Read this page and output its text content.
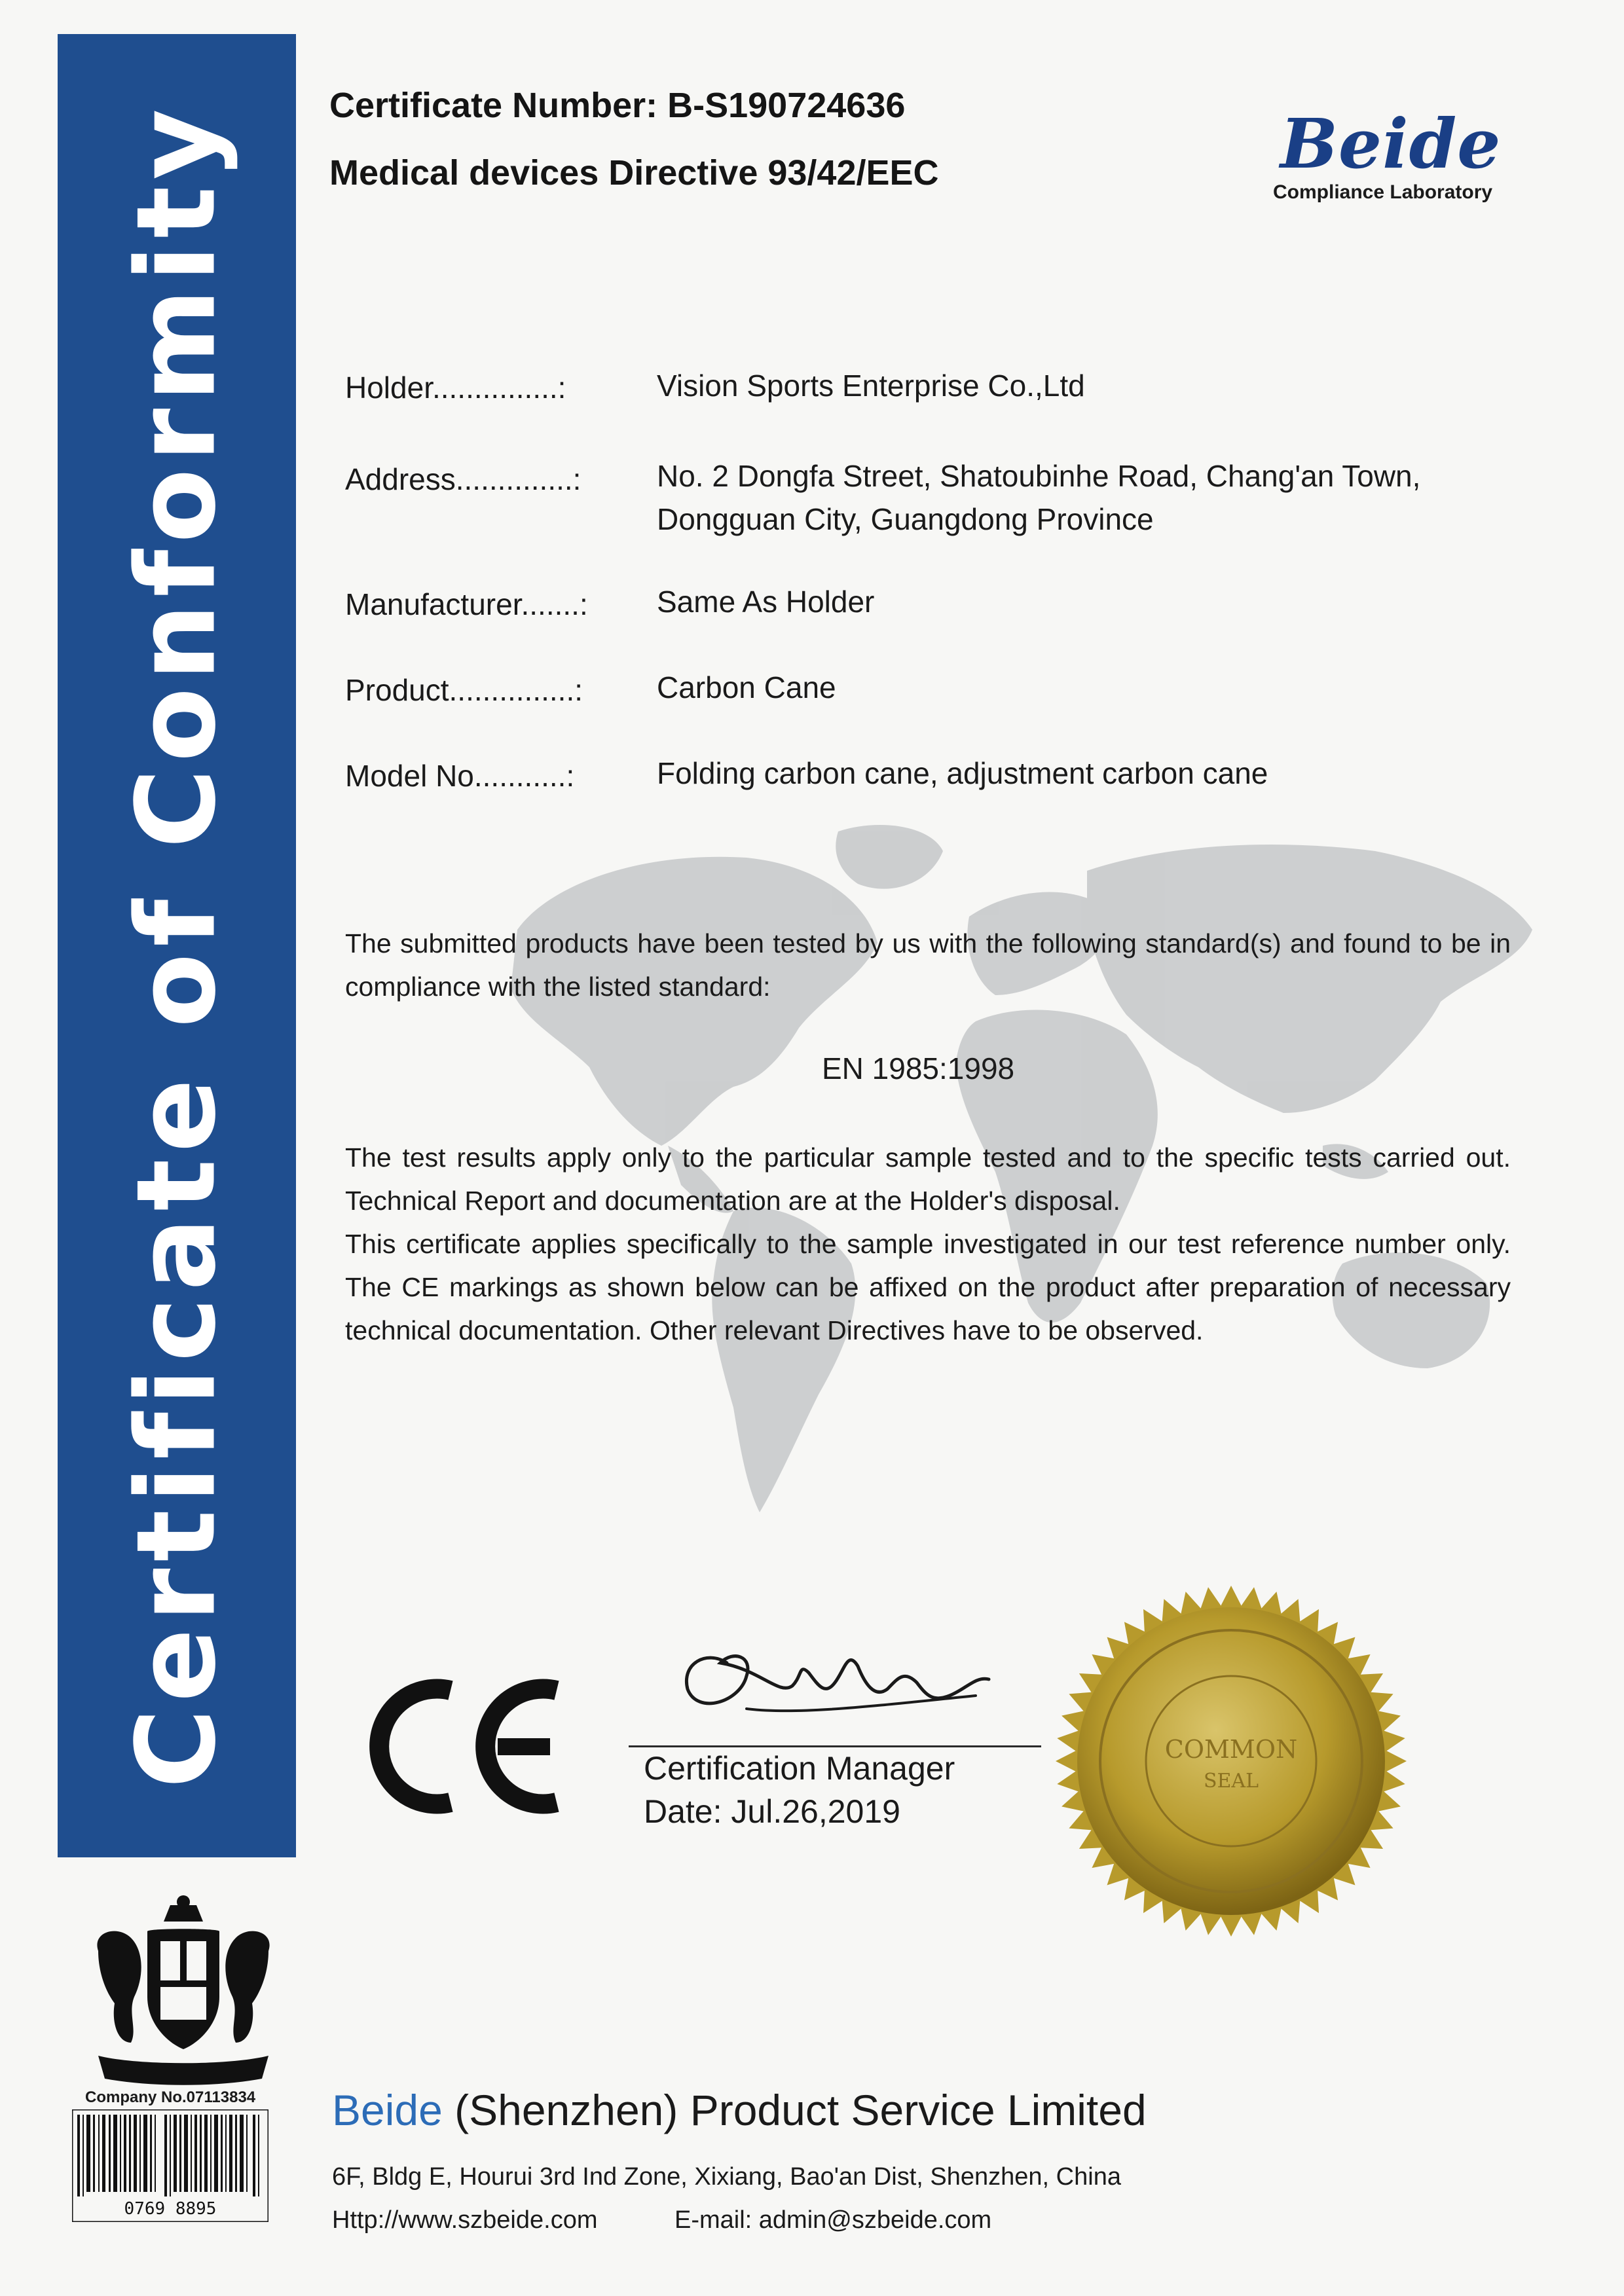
Certificate of Conformity	Certificate Number: B-S190724636
Medical devices Directive 93/42/EEC	Beide
Compliance Laboratory
Holder...............:	Vision Sports Enterprise Co.,Ltd
Address..............:	No. 2 Dongfa Street, Shatoubinhe Road, Chang'an Town,
Dongguan City, Guangdong Province
Manufacturer.......: Same As Holder
Product...............: Carbon Cane
Model No...........:	Folding carbon cane, adjustment carbon cane
The submitted products have been tested by us with the following standard(s) and found to be in compliance with the listed standard:
EN 1985:1998
The test results apply only to the particular sample tested and to the specific tests carried out. Technical Report and documentation are at the Holder's disposal.
This certificate applies specifically to the sample investigated in our test reference number only. The CE markings as shown below can be affixed on the product after preparation of necessary technical documentation. Other relevant Directives have to be observed.
Certification Manager
Date: Jul.26,2019
COMMON
SEAL
Company No.07113834
0769 8895
Beide (Shenzhen) Product Service Limited
6F, Bldg E, Hourui 3rd Ind Zone, Xixiang, Bao'an Dist, Shenzhen, China
Http://www.szbeide.com	E-mail: admin@szbeide.com
